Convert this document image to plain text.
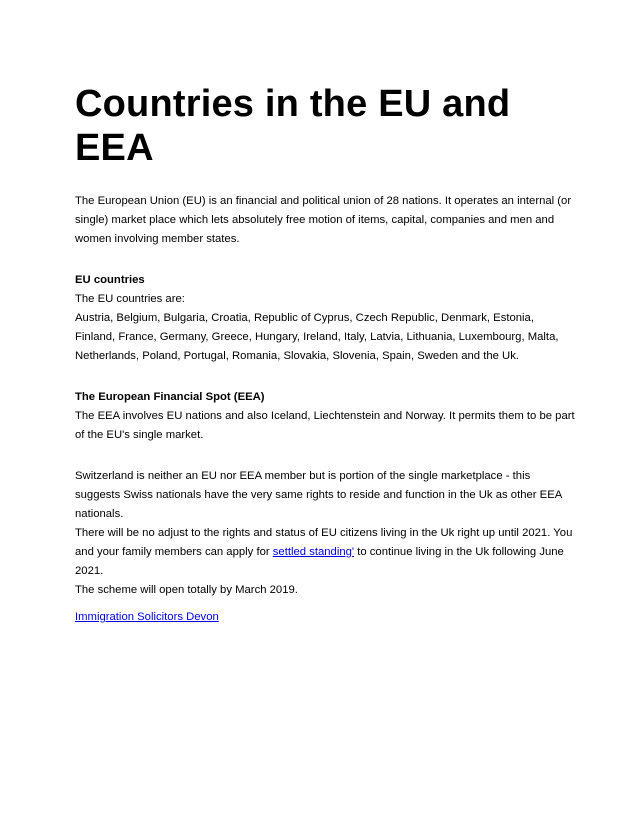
Countries in the EU and EEA

The European Union (EU) is an financial and political union of 28 nations. It operates an internal (or single) market place which lets absolutely free motion of items, capital, companies and men and women involving member states.

EU countries

The EU countries are:

Austria, Belgium, Bulgaria, Croatia, Republic of Cyprus, Czech Republic, Denmark, Estonia, Finland, France, Germany, Greece, Hungary, Ireland, Italy, Latvia, Lithuania, Luxembourg, Malta, Netherlands, Poland, Portugal, Romania, Slovakia, Slovenia, Spain, Sweden and the Uk.

The European Financial Spot (EEA)

The EEA involves EU nations and also Iceland, Liechtenstein and Norway. It permits them to be part of the EU's single market.

Switzerland is neither an EU nor EEA member but is portion of the single marketplace - this suggests Swiss nationals have the very same rights to reside and function in the Uk as other EEA nationals.

There will be no adjust to the rights and status of EU citizens living in the Uk right up until 2021. You and your family members can apply for settled standing' to continue living in the Uk following June 2021.

The scheme will open totally by March 2019.

Immigration Solicitors Devon
